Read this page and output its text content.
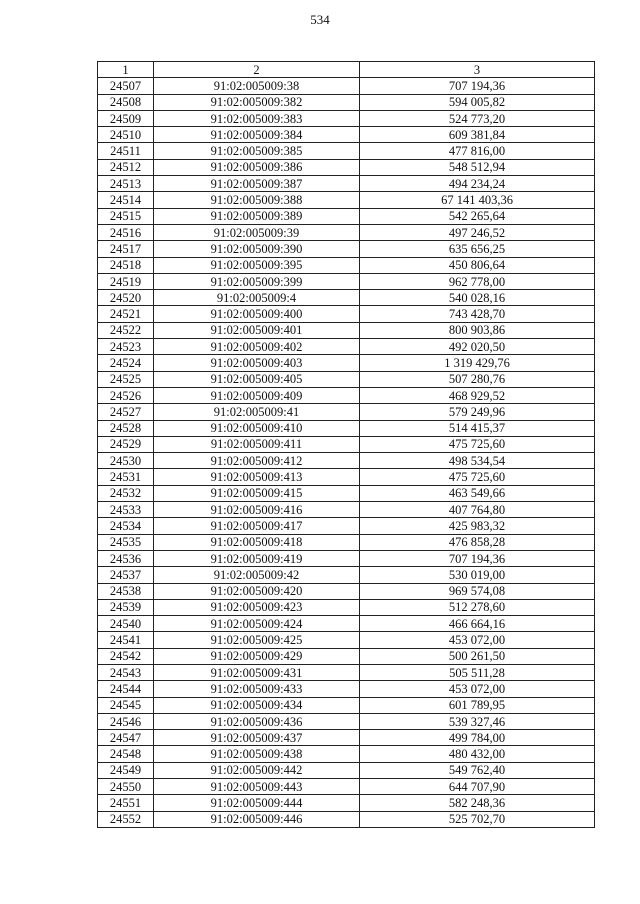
534
1	2	3
24507	91:02:005009:38	707 194,36
24508	91:02:005009:382	594 005,82
24509	91:02:005009:383	524 773,20
24510	91:02:005009:384	609 381,84
24511	91:02:005009:385	477 816,00
24512	91:02:005009:386	548 512,94
24513	91:02:005009:387	494 234,24
24514	91:02:005009:388	67 141 403,36
24515	91:02:005009:389	542 265,64
24516	91:02:005009:39	497 246,52
24517	91:02:005009:390	635 656,25
24518	91:02:005009:395	450 806,64
24519	91:02:005009:399	962 778,00
24520	91:02:005009:4	540 028,16
24521	91:02:005009:400	743 428,70
24522	91:02:005009:401	800 903,86
24523	91:02:005009:402	492 020,50
24524	91:02:005009:403	1 319 429,76
24525	91:02:005009:405	507 280,76
24526	91:02:005009:409	468 929,52
24527	91:02:005009:41	579 249,96
24528	91:02:005009:410	514 415,37
24529	91:02:005009:411	475 725,60
24530	91:02:005009:412	498 534,54
24531	91:02:005009:413	475 725,60
24532	91:02:005009:415	463 549,66
24533	91:02:005009:416	407 764,80
24534	91:02:005009:417	425 983,32
24535	91:02:005009:418	476 858,28
24536	91:02:005009:419	707 194,36
24537	91:02:005009:42	530 019,00
24538	91:02:005009:420	969 574,08
24539	91:02:005009:423	512 278,60
24540	91:02:005009:424	466 664,16
24541	91:02:005009:425	453 072,00
24542	91:02:005009:429	500 261,50
24543	91:02:005009:431	505 511,28
24544	91:02:005009:433	453 072,00
24545	91:02:005009:434	601 789,95
24546	91:02:005009:436	539 327,46
24547	91:02:005009:437	499 784,00
24548	91:02:005009:438	480 432,00
24549	91:02:005009:442	549 762,40
24550	91:02:005009:443	644 707,90
24551	91:02:005009:444	582 248,36
24552	91:02:005009:446	525 702,70
